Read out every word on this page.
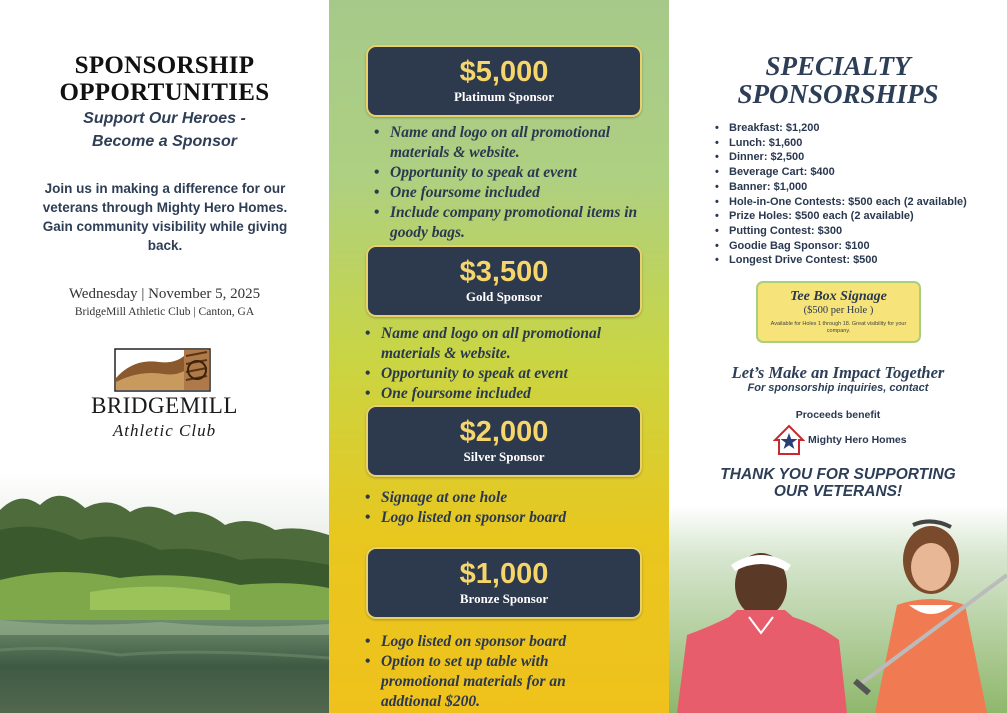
SPONSORSHIP
OPPORTUNITIES
Support Our Heroes -
Become a Sponsor
Join us in making a difference for our veterans through Mighty Hero Homes. Gain community visibility while giving back.
Wednesday | November 5, 2025
BridgeMill Athletic Club | Canton, GA
BRIDGEMILL
Athletic Club
$5,000
Platinum Sponsor
• Name and logo on all promotional
materials & website.
• Opportunity to speak at event
• One foursome included
• Include company promotional items in
goody bags.
$3,500
Gold Sponsor
• Name and logo on all promotional
materials & website.
• Opportunity to speak at event
• One foursome included
$2,000
Silver Sponsor
• Signage at one hole
• Logo listed on sponsor board
$1,000
Bronze Sponsor
• Logo listed on sponsor board
• Option to set up table with
promotional materials for an
addtional $200.
SPECIALTY
SPONSORSHIPS
• Breakfast: $1,200
• Lunch: $1,600
• Dinner: $2,500
• Beverage Cart: $400
• Banner: $1,000
• Hole-in-One Contests: $500 each (2 available)
• Prize Holes: $500 each (2 available)
• Putting Contest: $300
• Goodie Bag Sponsor: $100
• Longest Drive Contest: $500
Tee Box Signage
($500 per Hole )
Available for Holes 1 through 18. Great visibility for your company.
Let’s Make an Impact Together
For sponsorship inquiries, contact
Proceeds benefit
Mighty Hero Homes
THANK YOU FOR SUPPORTING
OUR VETERANS!
